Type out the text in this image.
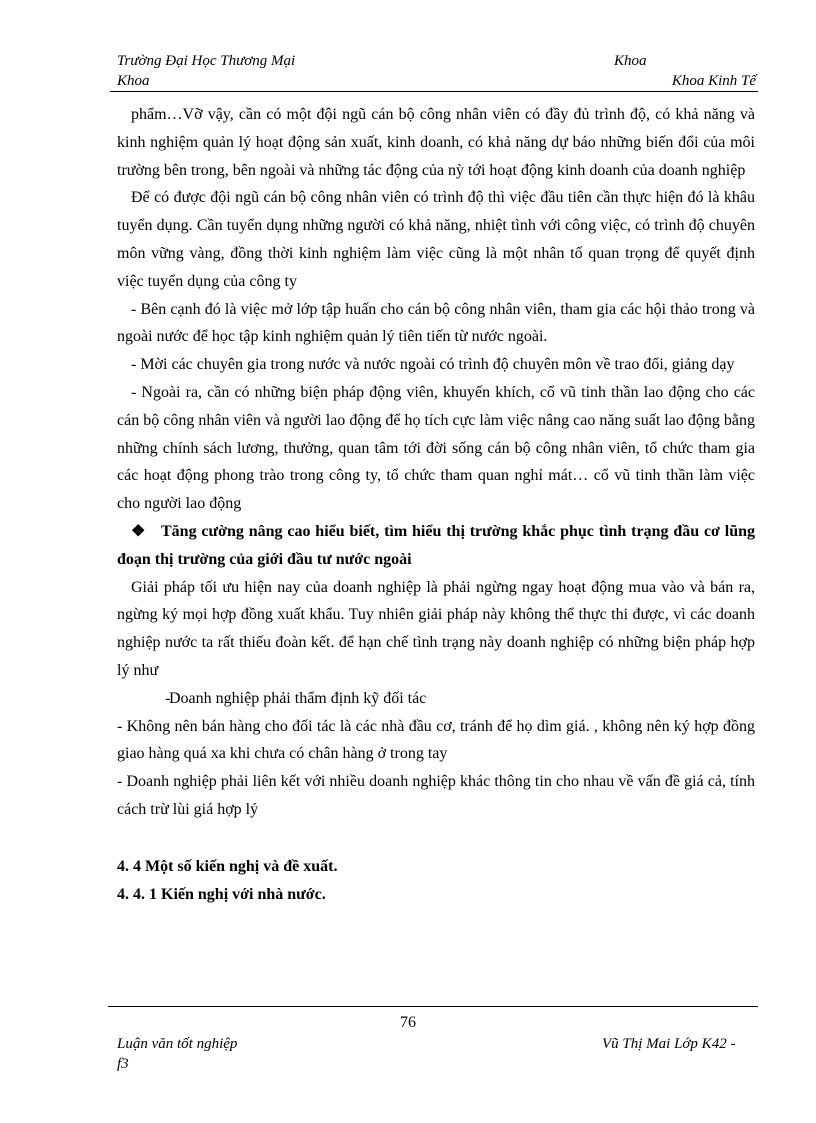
Trường Đại Học Thương Mại	Khoa
Khoa	Khoa Kinh Tế

phẩm…Vỡ vậy, cần có một đội ngũ cán bộ công nhân viên có đầy đủ trình độ, có khả năng và kinh nghiệm quản lý hoạt động sản xuất, kinh doanh, có khả năng dự báo những biến đổi của môi trường bên trong, bên ngoài và những tác động của nỳ tới hoạt động kinh doanh của doanh nghiệp

Để có được đội ngũ cán bộ công nhân viên có trình độ thì việc đầu tiên cần thực hiện đó là khâu tuyển dụng. Cần tuyển dụng những người có khả năng, nhiệt tình với công việc, có trình độ chuyên môn vững vàng, đồng thời kinh nghiệm làm việc cũng là một nhân tố quan trọng để quyết định việc tuyển dụng của công ty

- Bên cạnh đó là việc mở lớp tập huấn cho cán bộ công nhân viên, tham gia các hội thảo trong và ngoài nước để học tập kinh nghiệm quản lý tiên tiến từ nước ngoài.

- Mời các chuyên gia trong nước và nước ngoài có trình độ chuyên môn về trao đổi, giảng dạy

- Ngoài ra, cần có những biện pháp động viên, khuyến khích, cổ vũ tinh thần lao động cho các cán bộ công nhân viên và người lao động để họ tích cực làm việc nâng cao năng suất lao động bằng những chính sách lương, thưởng, quan tâm tới đời sống cán bộ công nhân viên, tổ chức tham gia các hoạt động phong trào trong công ty, tổ chức tham quan nghỉ mát… cổ vũ tinh thần làm việc cho người lao động

❖ Tăng cường nâng cao hiểu biết, tìm hiểu thị trường khắc phục tình trạng đầu cơ lũng đoạn thị trường của giới đầu tư nước ngoài

Giải pháp tối ưu hiện nay của doanh nghiệp là phải ngừng ngay hoạt động mua vào và bán ra, ngừng ký mọi hợp đồng xuất khẩu. Tuy nhiên giải pháp này không thể thực thi được, vì các doanh nghiệp nước ta rất thiếu đoàn kết. để hạn chế tình trạng này doanh nghiệp có những biện pháp hợp lý như

-Doanh nghiệp phải thẩm định kỹ đối tác

- Không nên bán hàng cho đối tác là các nhà đầu cơ, tránh để họ dìm giá. , không nên ký hợp đồng giao hàng quá xa khi chưa có chân hàng ở trong tay

- Doanh nghiệp phải liên kết với nhiều doanh nghiệp khác thông tin cho nhau về vấn đề giá cả, tính cách trừ lùi giá hợp lý

4. 4 Một số kiến nghị và đề xuất.

4. 4. 1 Kiến nghị với nhà nước.

76
Luận văn tốt nghiệp	Vũ Thị Mai Lớp K42 -
f3
